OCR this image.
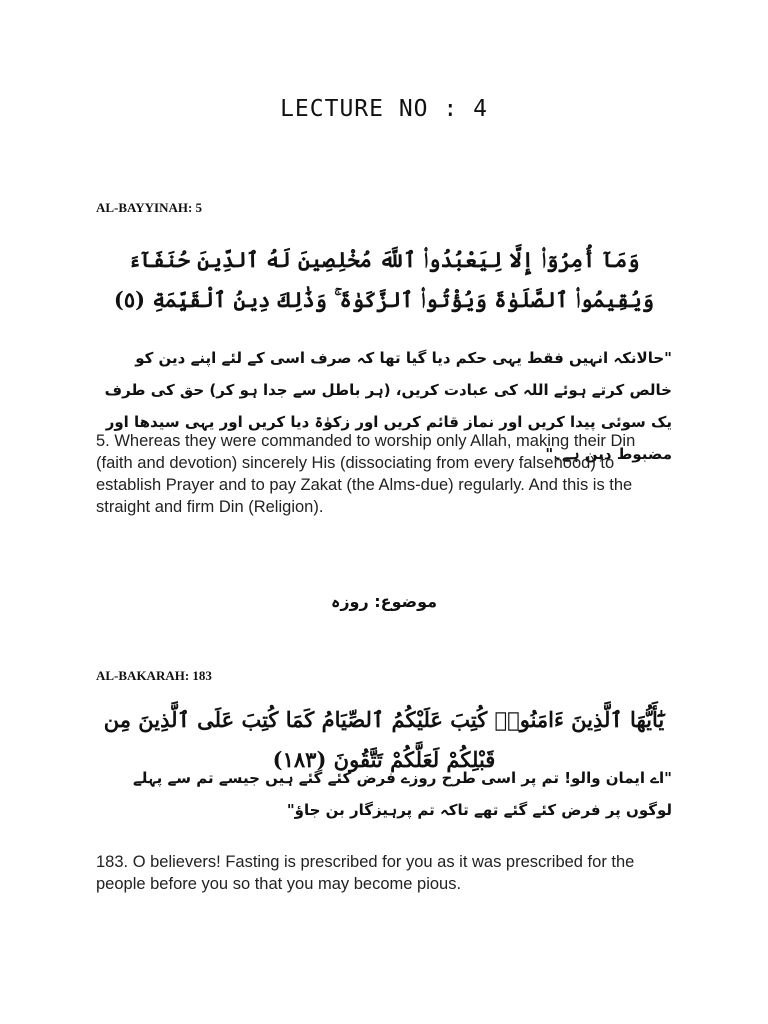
LECTURE NO : 4
AL-BAYYINAH: 5
وَمَآ أُمِرُوٓا۟ إِلَّا لِيَعْبُدُوا۟ ٱللَّهَ مُخْلِصِينَ لَهُ ٱلدِّينَ حُنَفَآءَ وَيُقِيمُوا۟ ٱلصَّلَوٰةَ وَيُؤْتُوا۟ ٱلزَّكَوٰةَ ۚ وَذَٰلِكَ دِينُ ٱلْقَيِّمَةِ (٥)
"حالانکہ انہیں فقط یہی حکم دیا گیا تھا کہ صرف اسی کے لئے اپنے دین کو خالص کرتے ہوئے اللہ کی عبادت کریں، (ہر باطل سے جدا ہو کر) حق کی طرف یک سوئی پیدا کریں اور نماز قائم کریں اور زکوٰۃ دیا کریں اور یہی سیدھا اور مضبوط دین ہے۔"
5. Whereas they were commanded to worship only Allah, making their Din (faith and devotion) sincerely His (dissociating from every falsehood) to establish Prayer and to pay Zakat (the Alms-due) regularly. And this is the straight and firm Din (Religion).
موضوع: روزہ
AL-BAKARAH: 183
يَٰٓأَيُّهَا ٱلَّذِينَ ءَامَنُوا۟ كُتِبَ عَلَيْكُمُ ٱلصِّيَامُ كَمَا كُتِبَ عَلَى ٱلَّذِينَ مِن قَبْلِكُمْ لَعَلَّكُمْ تَتَّقُونَ (١٨٣)
"اے ایمان والو! تم پر اسی طرح روزے فرض کئے گئے ہیں جیسے تم سے پہلے لوگوں پر فرض کئے گئے تھے تاکہ تم پرہیزگار بن جاؤ"
183. O believers! Fasting is prescribed for you as it was prescribed for the people before you so that you may become pious.
